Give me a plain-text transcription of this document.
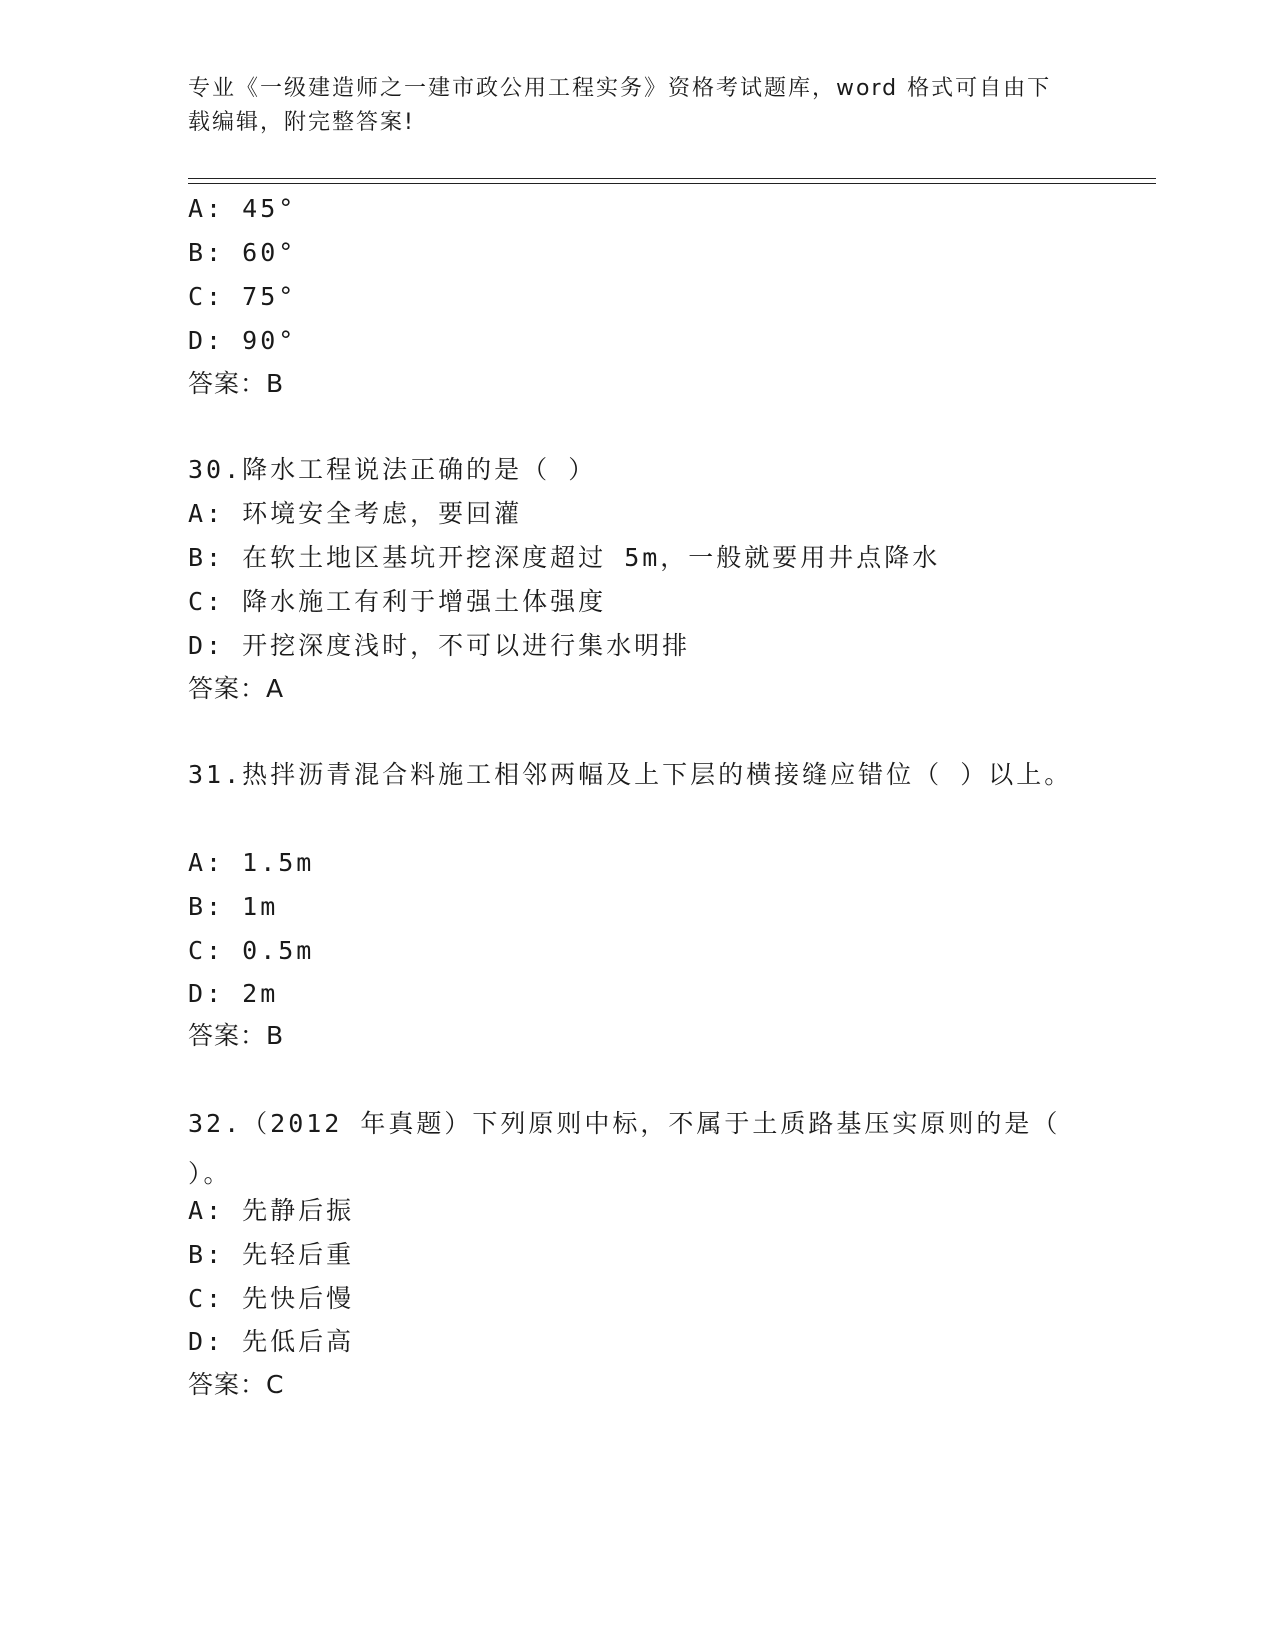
专业《一级建造师之一建市政公用工程实务》资格考试题库，word 格式可自由下载编辑，附完整答案!
A: 45°
B: 60°
C: 75°
D: 90°
答案：B
30.降水工程说法正确的是（ ）
A: 环境安全考虑，要回灌
B: 在软土地区基坑开挖深度超过 5m，一般就要用井点降水
C: 降水施工有利于增强土体强度
D: 开挖深度浅时，不可以进行集水明排
答案：A
31.热拌沥青混合料施工相邻两幅及上下层的横接缝应错位（ ）以上。
A: 1.5m
B: 1m
C: 0.5m
D: 2m
答案：B
32.（2012 年真题）下列原则中标，不属于土质路基压实原则的是（ ）。
A: 先静后振
B: 先轻后重
C: 先快后慢
D: 先低后高
答案：C
